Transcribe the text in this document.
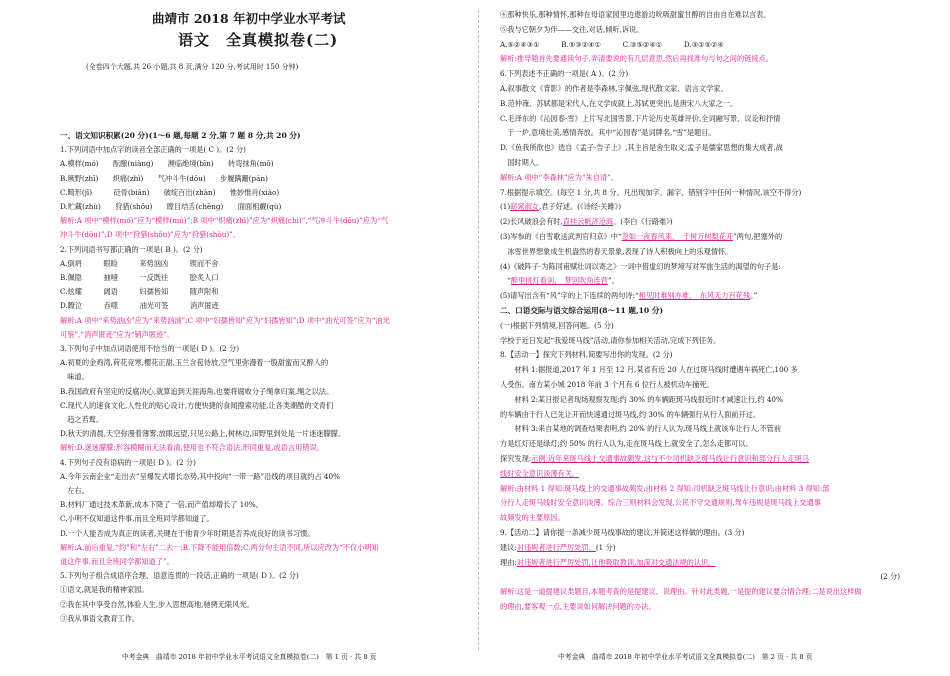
曲靖市 2018 年初中学业水平考试
语文　全真模拟卷(二)
(全卷四个大题,共 26 小题,共 8 页,满分 120 分,考试用时 150 分钟)
一、语文知识积累(20 分)(1～6 题,每题 2 分,第 7 题 8 分,共 20 分)
1.下列词语中加点字的读音全部正确的一项是( C )。(2 分)
A.模样(mó)　　酝酿(niàng)　　濒临绝境(bīn)　　转弯抹角(mǒ)
B.厥野(zhī)　　炽痛(zhì)　　气冲斗牛(dǒu)　　步履蹒跚(pán)
C.畸形(jī)　　　砭骨(biān)　　破绽百出(zhàn)　　惟妙惟肖(xiào)
D.贮藏(zhù)　　狩猎(shǒu)　　瞠目结舌(chēng)　　面面相觑(qù)
解析:A 项中“模样(mó)”应为“模样(mú)”;B 项中“炽痛(zhì)”应为“炽痛(chì)”,“气冲斗牛(dǒu)”应为“气
冲斗牛(dǒu)”;D 项中“狩猎(shǒu)”应为“狩猎(shòu)”。
2.下列词语书写都正确的一项是( B )。(2 分)
A.倒坍　　　眼睑　　　来势汹凶　　　锲而不舍
B.佩隐　　　抽噎　　　一反既往　　　脍炙人口
C.炫耀　　　阔语　　　妇孺皆知　　　随声附和
D.瞭泣　　　吞噬　　　油光可签　　　消声匿迹
解析:A 项中“来势汹凶”应为“来势汹汹”;C 项中“妇孺皆知”应为“妇孺皆知”;D 项中“油光可签”应为“油光
可鉴”,“消声匿迹”应为“销声匿迹”。
3.下列句子中加点词语使用不恰当的一项是( D )。(2 分)
A.初夏的金鸡湾,荷花竞寒,樱花正甜,玉兰含苞待放,空气里弥漫着一股甜蜜而又醉人的
　味道。
B.我国政府有坚定的反腐决心,就算追到天涯海角,也要将腐败分子绳拿归案,绳之以法。
C.现代人的速食文化,人性化的贴心设计,方便快捷的食闻搜索功能,让各类潮酷的文青们
　趋之若鹜。
D.秋天的清晨,天空弥漫着薄雾,放眼远望,只见公路上,树林边,田野里到处是一片迷迷朦朦。
解析:D.迷迷朦朦:形容模糊而无法看清,使用也不符合语法,形同重复,或语言用错误。
4.下列句子没有语病的一项是( D )。(2 分)
A.今年云南企业“走出去”呈爆发式增长态势,其中投向“一带一路”沿线的项目就约占 40%
　左右。
B.材料厂通过技术革新,成本下降了一倍,而产值却增长了 10%。
C.小明不仅知道这件事,而且全班同学都知道了。
D.一个人能否成为真正的读者,关键在于他青少年时期是否养成良好的读书习惯。
解析:A.前后重复,“约”和“左右”二去一;B.下降不能用倍数;C.两分句主语不同,所以应改为“不仅小明知
道这件事,而且全班同学都知道了”。
5.下列句子组合成语序合理、语意连贯的一段话,正确的一项是( D )。(2 分)
①语文,就是我的精神家园。
②我在其中享受自然,体验人生,步入思想高地,驰骋无限风光。
③我从事语文教育工作。
中考金典　曲靖市 2018 年初中学业水平考试语文全真模拟卷(二)　第 1 页 · 共 8 页
④那种快乐,那种情怀,那种在母语家园里边遨游边吮吸甜蜜甘醇的自由自在难以言表。
⑤我与它朝夕为伴——交往,对话,倾听,诉说。
A.⑤②④③①　　　B.⑤③②④①　　　C.③⑤②④①　　　D.③①⑤②④
解析:推导题首先要通读句子,弄清要说的有几层意思,然后再找准句与句之间的链接点。
6.下列表述不正确的一项是( A )。(2 分)
A.叙事散文《背影》的作者是李森林,字佩弦,现代散文家、语言文学家。
B.范仲淹、苏轼都是宋代人,在文学成就上,苏轼更突出,是唐宋八大家之一。
C.毛泽东的《沁园春·雪》上片写北国雪景,下片论历史英雄评价,全词融写景、议论和抒情
　于一炉,意境壮美,感情奔放。其中“沁园春”是词牌名,“雪”是题目。
D.《鱼我所欲也》选自《孟子·告子上》,其主旨是舍生取义,孟子是儒家思想的集大成者,战
　国时期人。
解析:A 项中“李森林”应为“朱自清”。
7.根据提示填空。(每空 1 分,共 8 分。凡出现加字、漏字、错别字中任何一种情况,该空不得分)
(1)窈窕淑女,君子好逑。(《诗经·关雎》)
(2)长风破浪会有时,直挂云帆济沧海。(李白《行路难》)
(3)岑参的《白雪歌送武判官归京》中“忽如一夜春风来，　千树万树梨花开”两句,把塞外的
　冰雪世界想象成生机盎然的春天景象,表现了诗人积极向上的乐观情怀。
(4)《破阵子·为陈同甫赋壮词以寄之》一词中借虚幻的梦境写对军旅生活的渴望的句子是:
　“醉里挑灯看剑，　梦回吹角连营”。
(5)请写出含有“风”字的上下连续的两句诗:“相见时难别亦难，　东风无力百花残。”
二、口语交际与语文综合运用(8～11 题,10 分)
(一)根据下列情境,回答问题。(5 分)
学校于近日发起“我爱斑马线”活动,请你参加相关活动,完成下列任务。
8.【活动一】探究下列材料,简要写出你的发现。(2 分)
　　材料 1:据报道,2017 年 1 月至 12 月,某省有近 20 人在过斑马线时遭遇车祸死亡,100 多
人受伤。南方某小城 2018 年前 3 个月有 6 位行人被机动车撞死。
　　材料 2:某日报记者现场观察发现:约 30% 的车辆距斑马线很近时才减速让行,约 40%
的车辆由于行人已先让开而快速通过斑马线,约 30% 的车辆强行从行人面前开过。
　　材料 3:来自某地的调查结果表明,约 20% 的行人认为,斑马线上就该车让行人,不管前
方是红灯还是绿灯;约 50% 的行人认为,走在斑马线上,就安全了,怎么走都可以。
探究发现:示例:近年来斑马线上交通事故频发,这与不少司机缺乏斑马线让行意识和部分行人走斑马
线时安全意识淡薄有关。
解析:由材料 1 得知:斑马线上的交通事故频发;由材料 2 得知:司机缺乏斑马线让行意识;由材料 3 得知:部
分行人走斑马线时安全意识淡薄。综合三则材料会发现,公民不守交通规则,驾车违规是斑马线上交通事
故频发的主要原因。
9.【活动二】请你提一条减少斑马线事故的建议,并简述这样做的理由。(3 分)
建议:对违规者进行严厉处罚。(1 分)
理由:对违规者进行严厉处罚,让他吸取教训,加深对交通法规的认识。
(2 分)
解析:这是一道提建议类题目,本题考查的是提建议、说理由。针对此类题,一是提的建议要合情合理;二是说出这样做
的理由,要客观一点,主要谈如何解决问题的办法。
中考金典　曲靖市 2018 年初中学业水平考试语文全真模拟卷(二)　第 2 页 · 共 8 页
